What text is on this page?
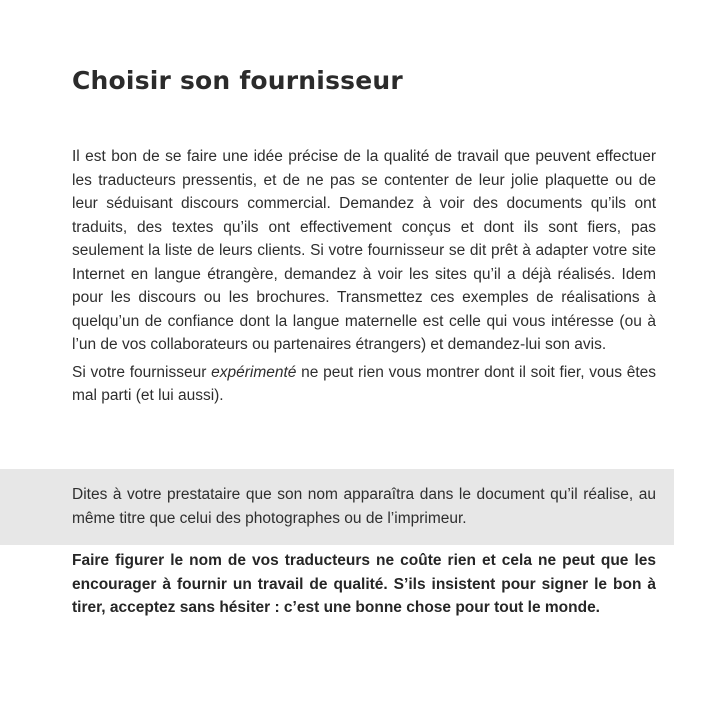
Choisir son fournisseur

Il est bon de se faire une idée précise de la qualité de travail que peuvent effectuer les traducteurs pressentis, et de ne pas se contenter de leur jolie plaquette ou de leur séduisant discours commercial. Demandez à voir des documents qu’ils ont traduits, des textes qu’ils ont effectivement conçus et dont ils sont fiers, pas seulement la liste de leurs clients. Si votre fournisseur se dit prêt à adapter votre site Internet en langue étrangère, demandez à voir les sites qu’il a déjà réalisés. Idem pour les discours ou les brochures. Transmettez ces exemples de réalisations à quelqu’un de confiance dont la langue maternelle est celle qui vous intéresse (ou à l’un de vos collaborateurs ou partenaires étrangers) et demandez-lui son avis.

Si votre fournisseur expérimenté ne peut rien vous montrer dont il soit fier, vous êtes mal parti (et lui aussi).

Dites à votre prestataire que son nom apparaîtra dans le document qu’il réalise, au même titre que celui des photographes ou de l’imprimeur.

Faire figurer le nom de vos traducteurs ne coûte rien et cela ne peut que les encourager à fournir un travail de qualité. S’ils insistent pour signer le bon à tirer, acceptez sans hésiter : c’est une bonne chose pour tout le monde.
